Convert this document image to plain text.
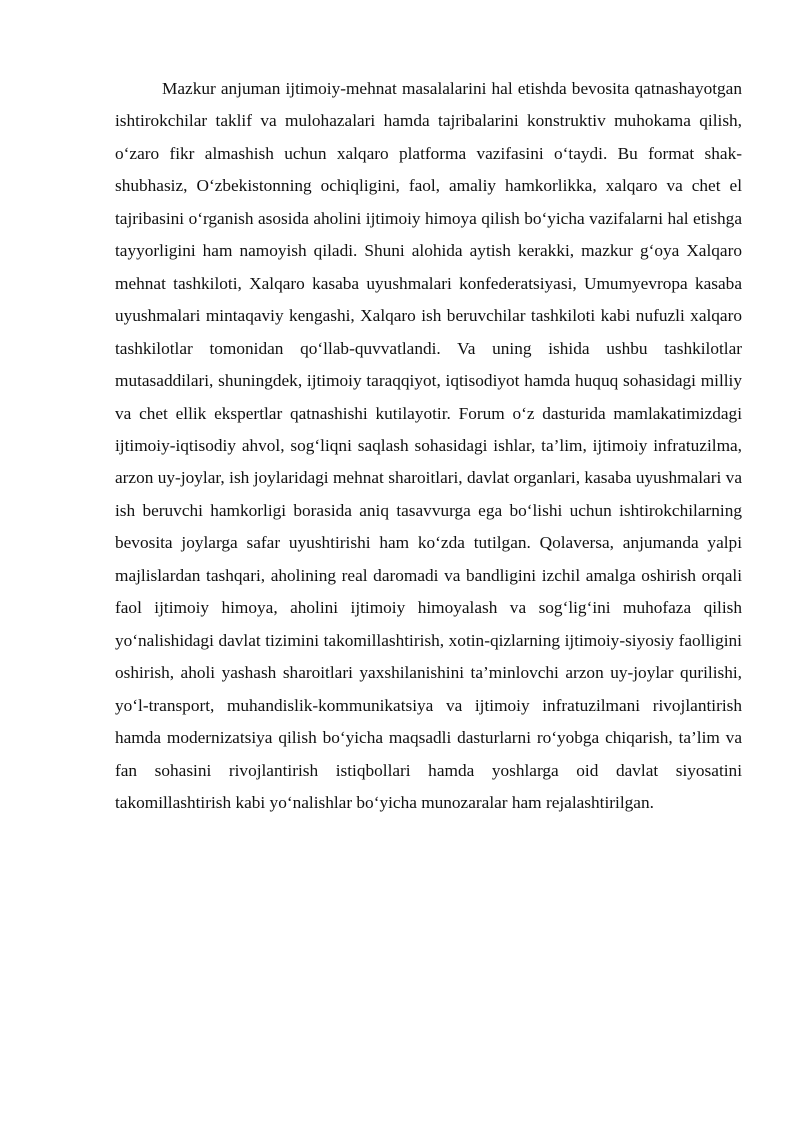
Mazkur anjuman ijtimoiy-mehnat masalalarini hal etishda bevosita qatnashayotgan ishtirokchilar taklif va mulohazalari hamda tajribalarini konstruktiv muhokama qilish, o‘zaro fikr almashish uchun xalqaro platforma vazifasini o‘taydi. Bu format shak-shubhasiz, O‘zbekistonning ochiqligini, faol, amaliy hamkorlikka, xalqaro va chet el tajribasini o‘rganish asosida aholini ijtimoiy himoya qilish bo‘yicha vazifalarni hal etishga tayyorligini ham namoyish qiladi. Shuni alohida aytish kerakki, mazkur g‘oya Xalqaro mehnat tashkiloti, Xalqaro kasaba uyushmalari konfederatsiyasi, Umumyevropa kasaba uyushmalari mintaqaviy kengashi, Xalqaro ish beruvchilar tashkiloti kabi nufuzli xalqaro tashkilotlar tomonidan qo‘llab-quvvatlandi. Va uning ishida ushbu tashkilotlar mutasaddilari, shuningdek, ijtimoiy taraqqiyot, iqtisodiyot hamda huquq sohasidagi milliy va chet ellik ekspertlar qatnashishi kutilayotir. Forum o‘z dasturida mamlakatimizdagi ijtimoiy-iqtisodiy ahvol, sog‘liqni saqlash sohasidagi ishlar, ta’lim, ijtimoiy infratuzilma, arzon uy-joylar, ish joylaridagi mehnat sharoitlari, davlat organlari, kasaba uyushmalari va ish beruvchi hamkorligi borasida aniq tasavvurga ega bo‘lishi uchun ishtirokchilarning bevosita joylarga safar uyushtirishi ham ko‘zda tutilgan. Qolaversa, anjumanda yalpi majlislardan tashqari, aholining real daromadi va bandligini izchil amalga oshirish orqali faol ijtimoiy himoya, aholini ijtimoiy himoyalash va sog‘lig‘ini muhofaza qilish yo‘nalishidagi davlat tizimini takomillashtirish, xotin-qizlarning ijtimoiy-siyosiy faolligini oshirish, aholi yashash sharoitlari yaxshilanishini ta’minlovchi arzon uy-joylar qurilishi, yo‘l-transport, muhandislik-kommunikatsiya va ijtimoiy infratuzilmani rivojlantirish hamda modernizatsiya qilish bo‘yicha maqsadli dasturlarni ro‘yobga chiqarish, ta’lim va fan sohasini rivojlantirish istiqbollari hamda yoshlarga oid davlat siyosatini takomillashtirish kabi yo‘nalishlar bo‘yicha munozaralar ham rejalashtirilgan.
